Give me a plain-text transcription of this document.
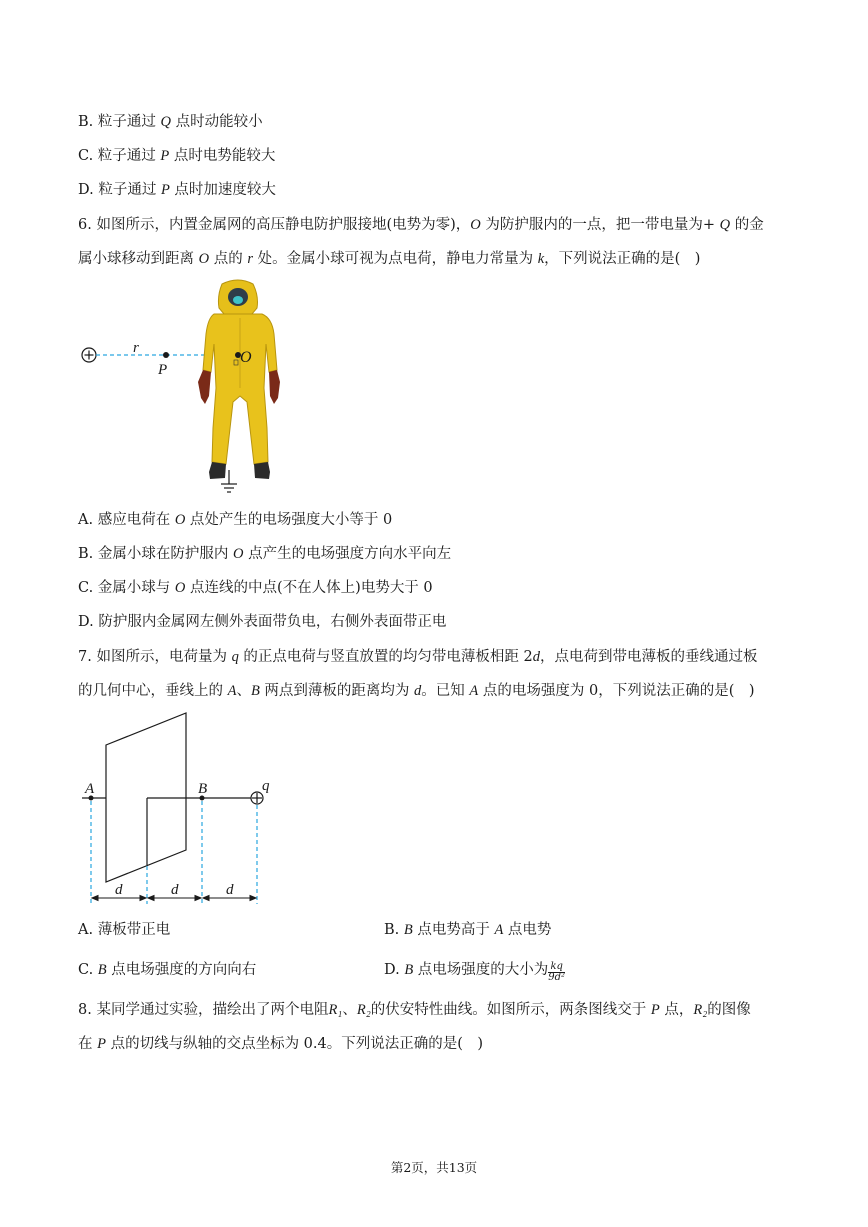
B. 粒子通过 Q 点时动能较小
C. 粒子通过 P 点时电势能较大
D. 粒子通过 P 点时加速度较大
6. 如图所示，内置金属网的高压静电防护服接地(电势为零)，O 为防护服内的一点，把一带电量为+ Q 的金
属小球移动到距离 O 点的 r 处。金属小球可视为点电荷，静电力常量为 k，下列说法正确的是(　)
r
P
O
A. 感应电荷在 O 点处产生的电场强度大小等于 0
B. 金属小球在防护服内 O 点产生的电场强度方向水平向左
C. 金属小球与 O 点连线的中点(不在人体上)电势大于 0
D. 防护服内金属网左侧外表面带负电，右侧外表面带正电
7. 如图所示，电荷量为 q 的正点电荷与竖直放置的均匀带电薄板相距 2d，点电荷到带电薄板的垂线通过板
的几何中心，垂线上的 A、B 两点到薄板的距离均为 d。已知 A 点的电场强度为 0，下列说法正确的是(　)
A	B	q
d	d	d
A. 薄板带正电	B. B 点电势高于 A 点电势
C. B 点电场强度的方向向右	D. B 点电场强度的大小为 $\frac{kq}{\text{9d²}}$
8. 某同学通过实验，描绘出了两个电阻R₁、R₂的伏安特性曲线。如图所示，两条图线交于 P 点，R₂的图像
在 P 点的切线与纵轴的交点坐标为 0.4。下列说法正确的是(　)
第2页，共13页
